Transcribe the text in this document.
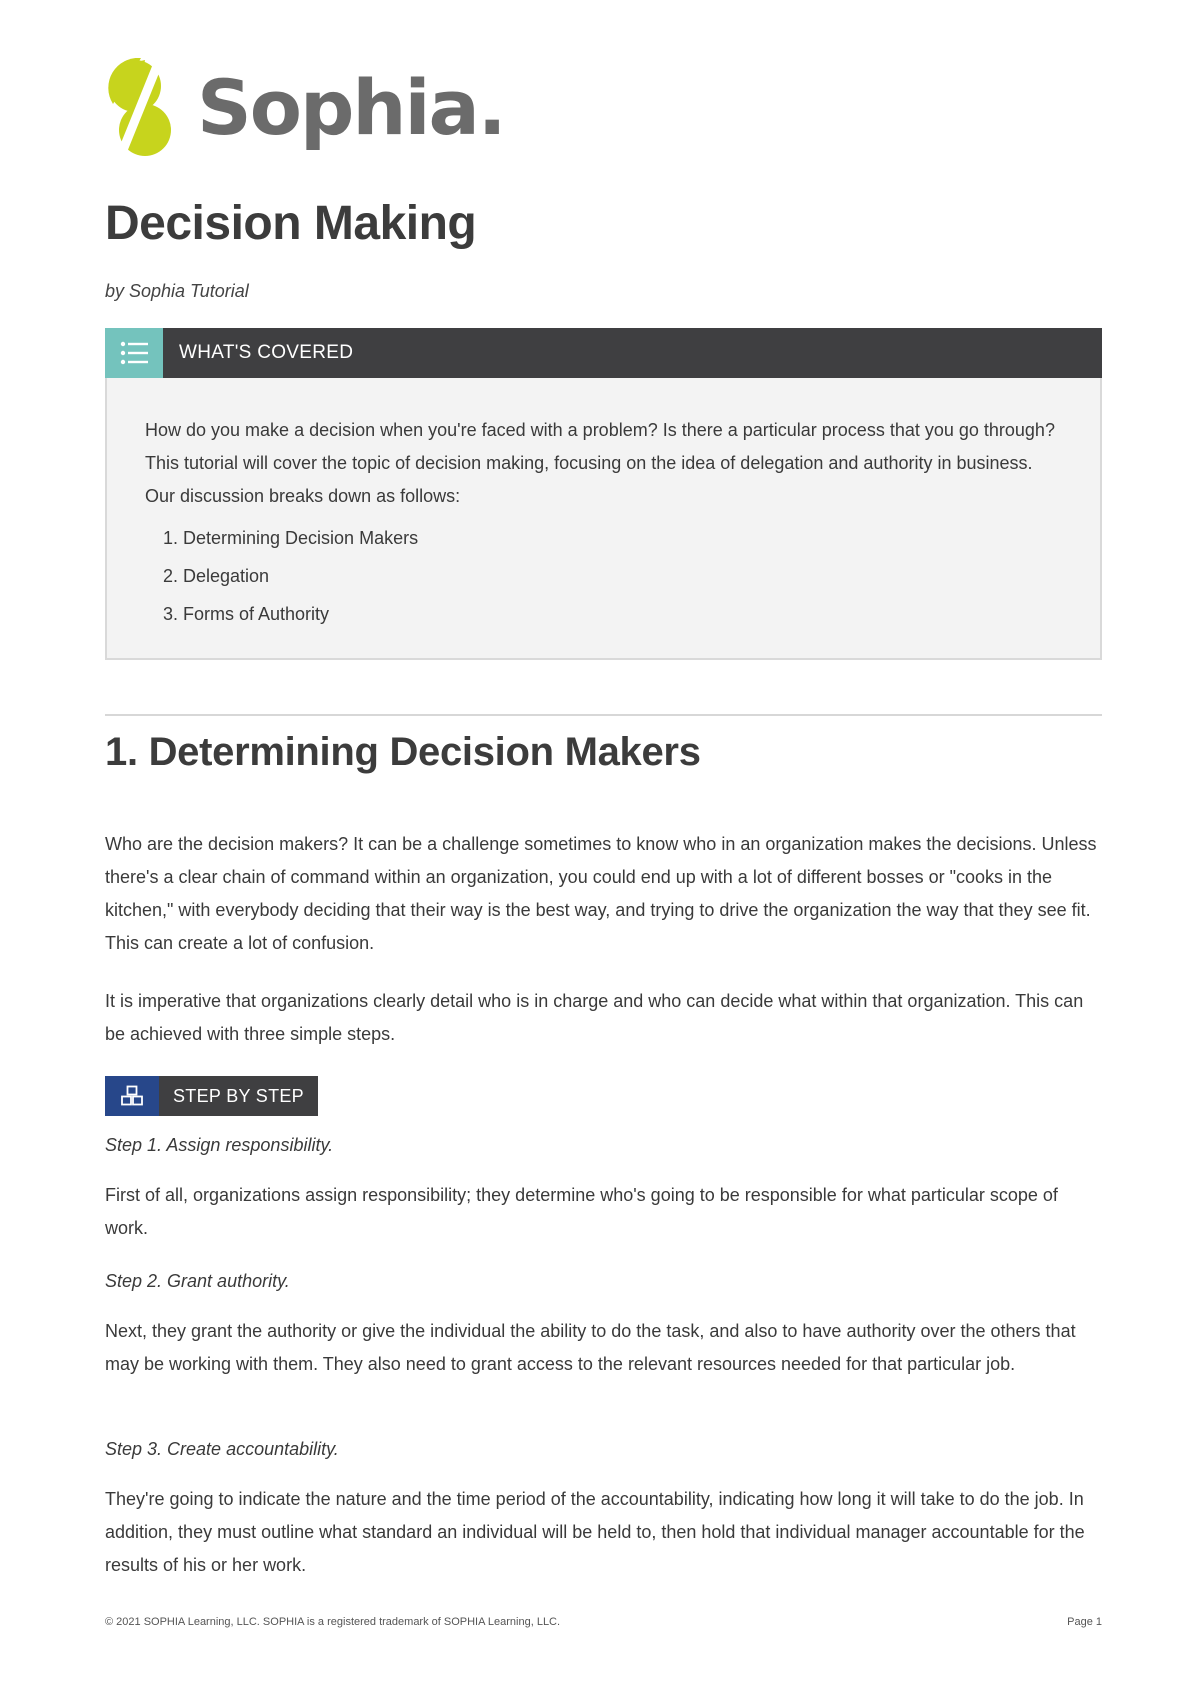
Sophia.
Decision Making
by Sophia Tutorial
WHAT'S COVERED

How do you make a decision when you're faced with a problem? Is there a particular process that you go through? This tutorial will cover the topic of decision making, focusing on the idea of delegation and authority in business. Our discussion breaks down as follows:

1. Determining Decision Makers
2. Delegation
3. Forms of Authority
1. Determining Decision Makers

Who are the decision makers? It can be a challenge sometimes to know who in an organization makes the decisions. Unless there's a clear chain of command within an organization, you could end up with a lot of different bosses or "cooks in the kitchen," with everybody deciding that their way is the best way, and trying to drive the organization the way that they see fit. This can create a lot of confusion.

It is imperative that organizations clearly detail who is in charge and who can decide what within that organization. This can be achieved with three simple steps.

STEP BY STEP

Step 1. Assign responsibility.

First of all, organizations assign responsibility; they determine who's going to be responsible for what particular scope of work.

Step 2. Grant authority.

Next, they grant the authority or give the individual the ability to do the task, and also to have authority over the others that may be working with them. They also need to grant access to the relevant resources needed for that particular job.

Step 3. Create accountability.

They're going to indicate the nature and the time period of the accountability, indicating how long it will take to do the job. In addition, they must outline what standard an individual will be held to, then hold that individual manager accountable for the results of his or her work.

© 2021 SOPHIA Learning, LLC. SOPHIA is a registered trademark of SOPHIA Learning, LLC.	Page 1
